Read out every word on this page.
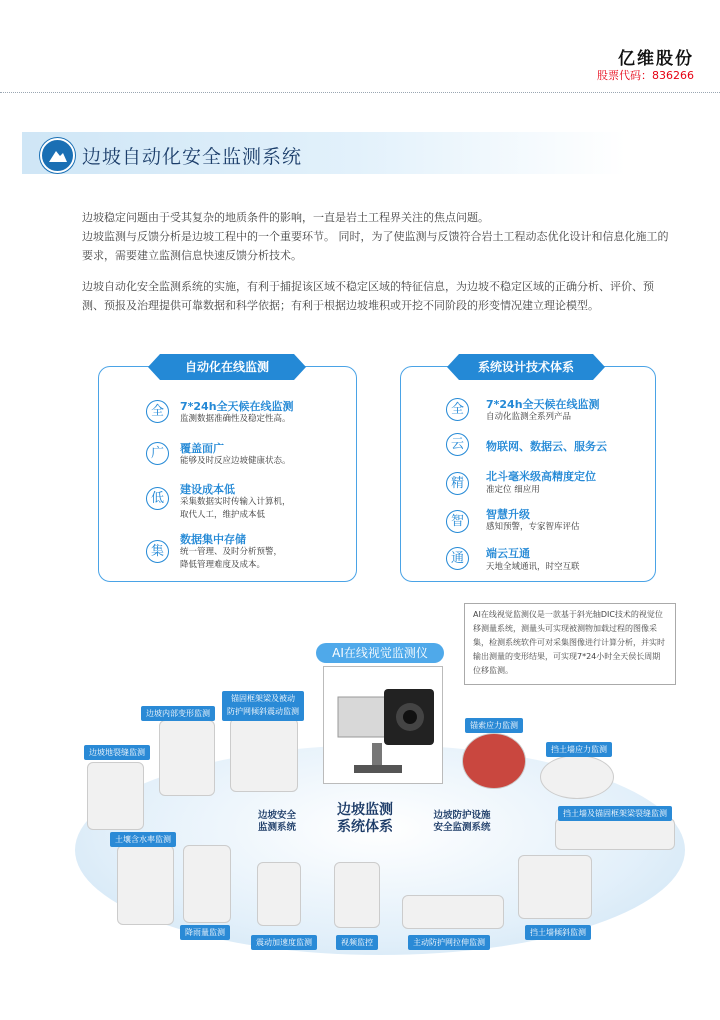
亿维股份
股票代码：836266
边坡自动化安全监测系统
边坡稳定问题由于受其复杂的地质条件的影响，一直是岩土工程界关注的焦点问题。
边坡监测与反馈分析是边坡工程中的一个重要环节。 同时，为了使监测与反馈符合岩土工程动态优化设计和信息化施工的要求，需要建立监测信息快速反馈分析技术。
边坡自动化安全监测系统的实施，有利于捕捉该区域不稳定区域的特征信息，为边坡不稳定区域的正确分析、评价、预测、预报及治理提供可靠数据和科学依据；有利于根据边坡堆积或开挖不同阶段的形变情况建立理论模型。
自动化在线监测
全	7*24h全天候在线监测
监测数据准确性及稳定性高。
广	覆盖面广
能够及时反应边坡健康状态。
低
建设成本低
采集数据实时传输入计算机，
取代人工，维护成本低
集
数据集中存储
统一管理、及时分析预警，
降低管理难度及成本。
系统设计技术体系
全	7*24h全天候在线监测
自动化监测全系列产品
云	物联网、数据云、服务云
精	北斗毫米级高精度定位
准定位 细应用
智	智慧升级
感知预警，专家智库评估
通	端云互通
天地全域通讯，时空互联
AI在线视觉监测仪
AI在线视觉监测仪是一款基于斜光轴DIC技术的视觉位移测量系统，测量头可实现被测物加载过程的图像采集，检测系统软件可对采集图像进行计算分析，并实时输出测量的变形结果，可实现7*24小时全天侯长周期位移监测。
边坡监测
系统体系
边坡安全
监测系统
边坡防护设施
安全监测系统
边坡地裂缝监测
边坡内部变形监测
锚固框架梁及被动
防护网倾斜震动监测
土壤含水率监测
降雨量监测
震动加速度监测	视频监控	主动防护网拉伸监测
挡土墙倾斜监测
挡土墙及锚固框架梁裂缝监测
挡土墙应力监测
锚索应力监测
